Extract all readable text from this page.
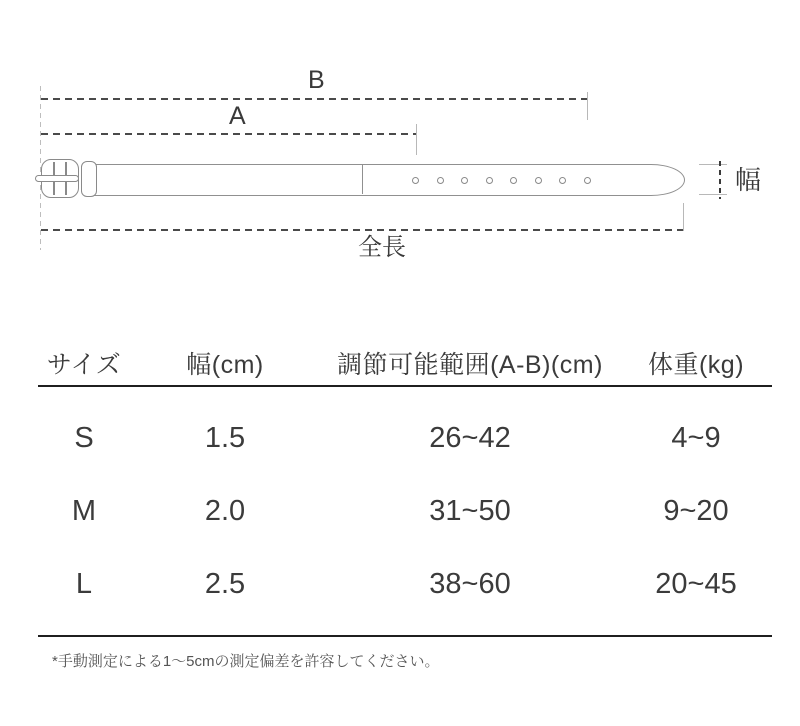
B
A
幅
全長
サイズ	幅(cm)	調節可能範囲(A-B)(cm)	体重(kg)
S	1.5	26~42	4~9
M	2.0	31~50	9~20
L	2.5	38~60	20~45
*手動測定による1〜5cmの測定偏差を許容してください。
